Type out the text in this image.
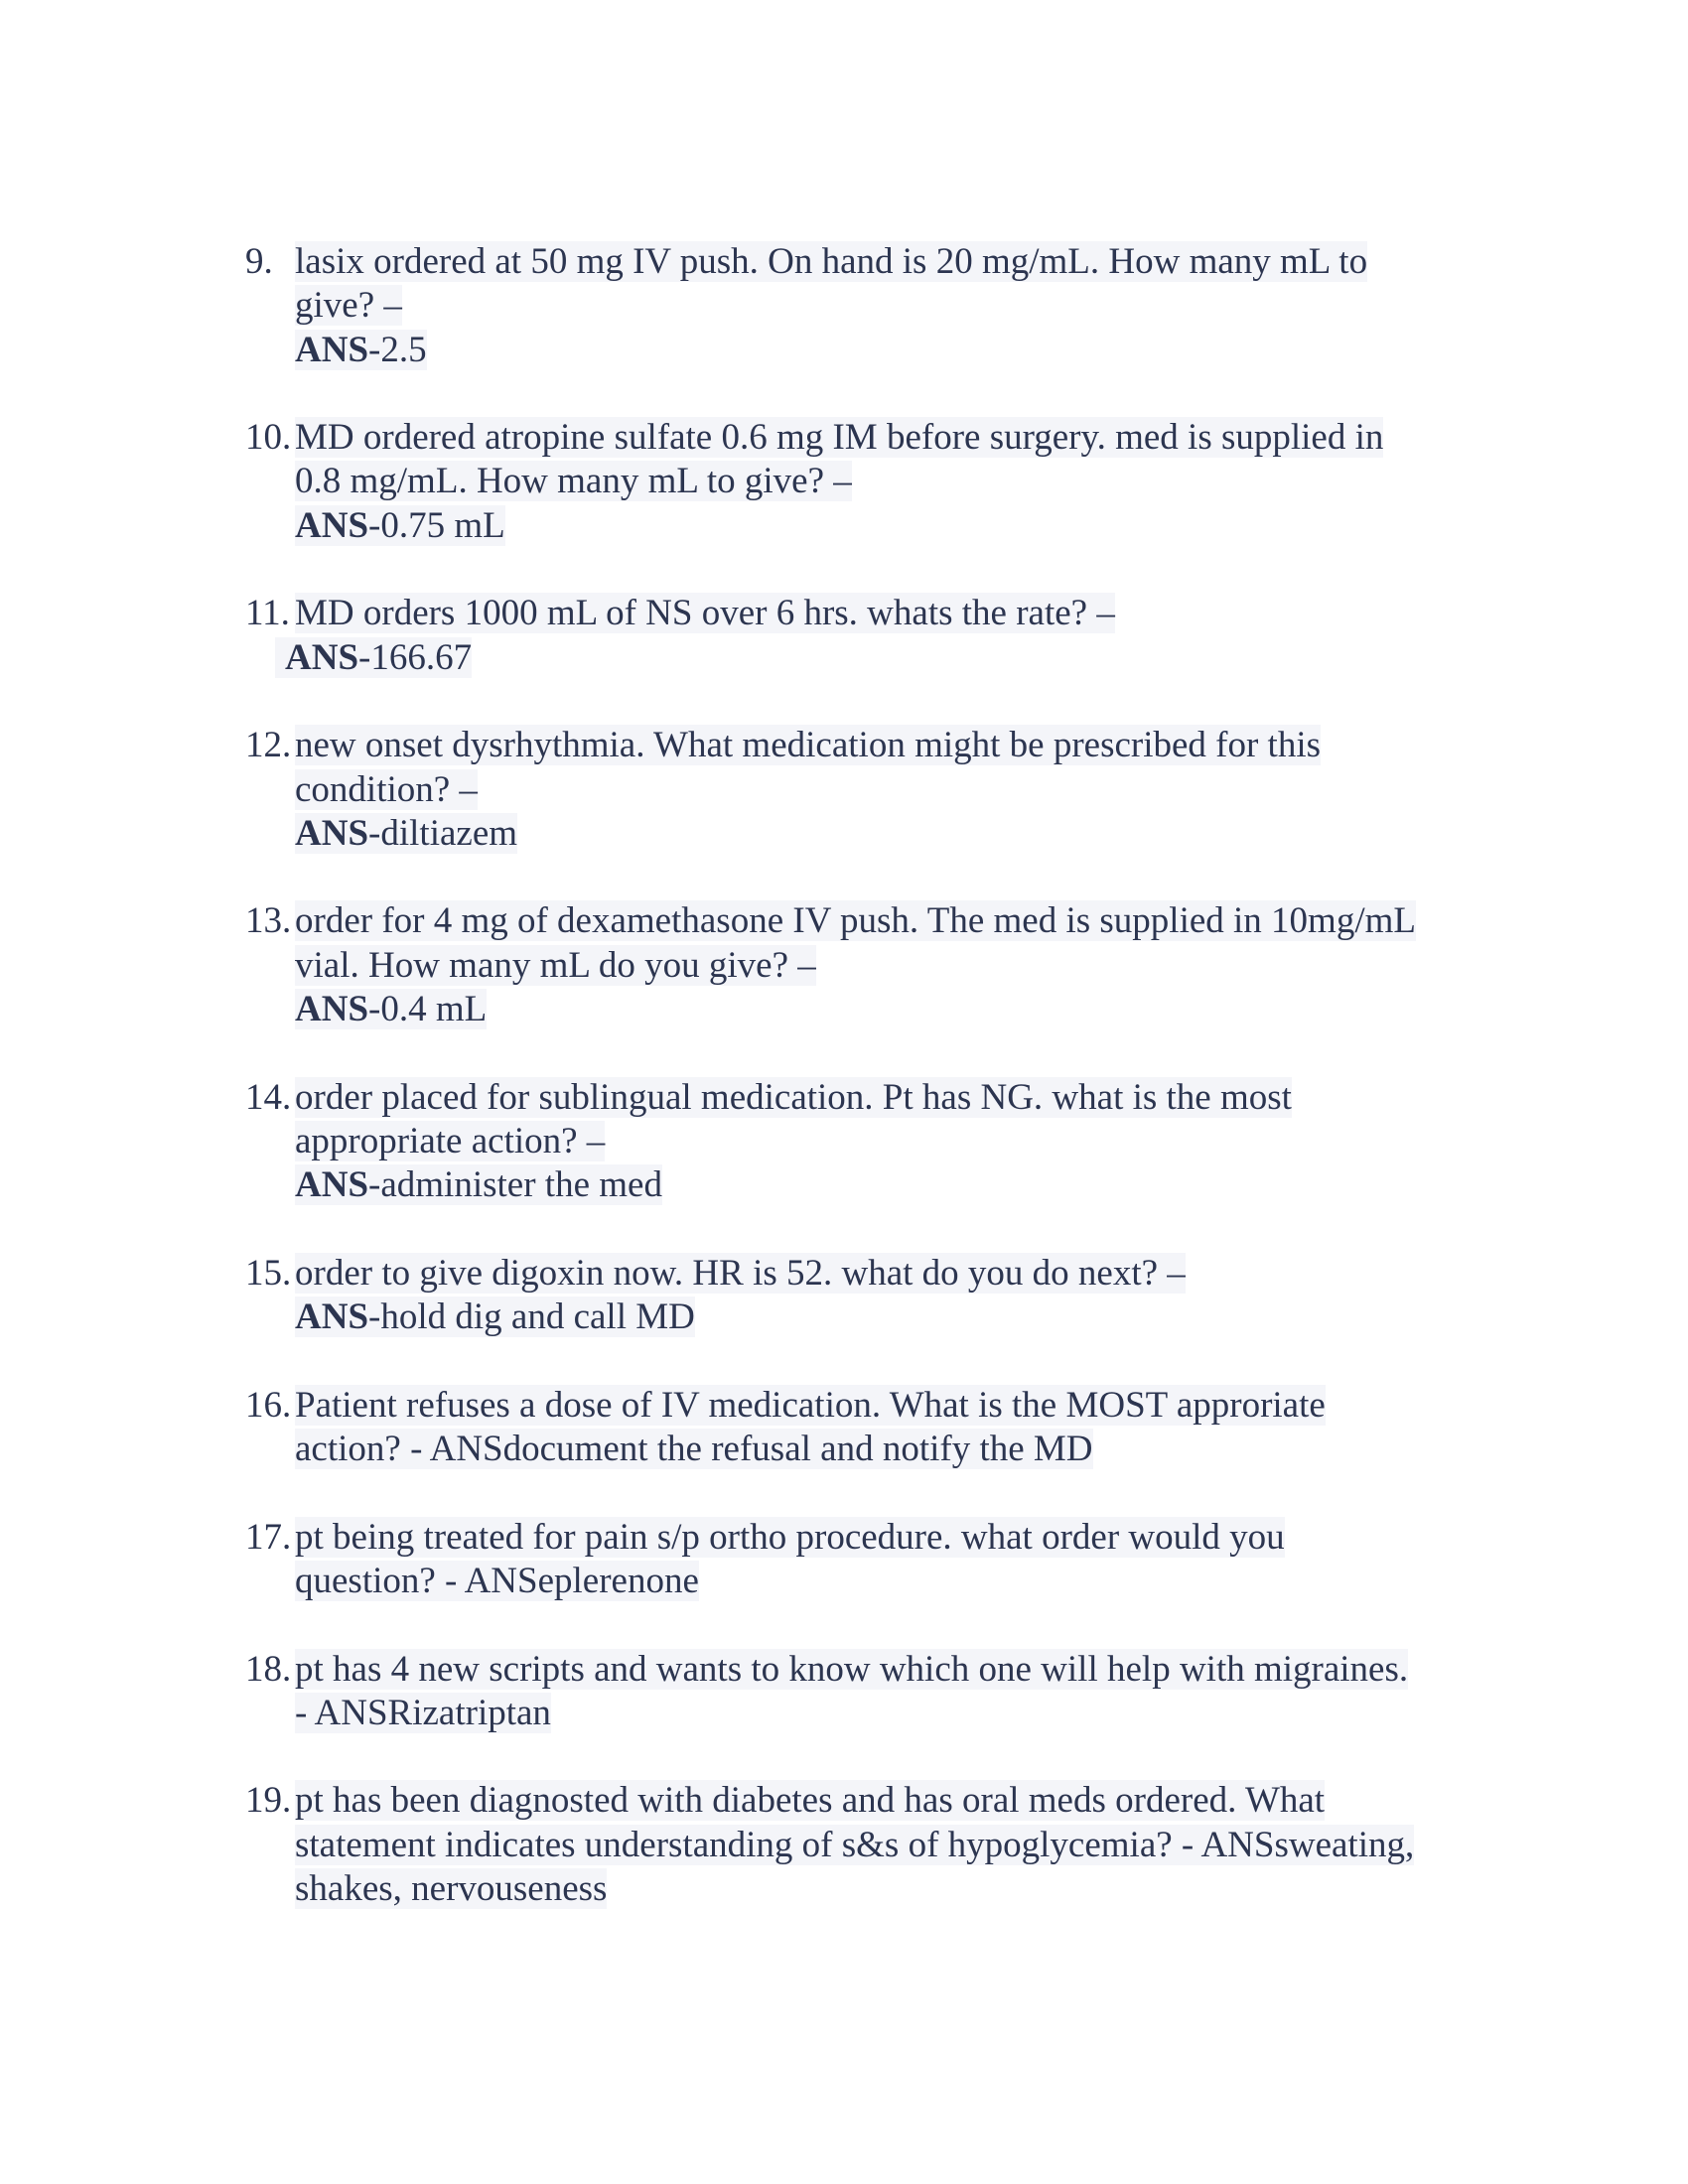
9. lasix ordered at 50 mg IV push. On hand is 20 mg/mL. How many mL to
give? –
ANS-2.5
10. MD ordered atropine sulfate 0.6 mg IM before surgery. med is supplied in
0.8 mg/mL. How many mL to give? –
ANS-0.75 mL
11. MD orders 1000 mL of NS over 6 hrs. whats the rate? –
ANS-166.67
12. new onset dysrhythmia. What medication might be prescribed for this
condition? –
ANS-diltiazem
13. order for 4 mg of dexamethasone IV push. The med is supplied in 10mg/mL
vial. How many mL do you give? –
ANS-0.4 mL
14. order placed for sublingual medication. Pt has NG. what is the most
appropriate action? –
ANS-administer the med
15. order to give digoxin now. HR is 52. what do you do next? –
ANS-hold dig and call MD
16. Patient refuses a dose of IV medication. What is the MOST approriate
action? - ANSdocument the refusal and notify the MD
17. pt being treated for pain s/p ortho procedure. what order would you
question? - ANSeplerenone
18. pt has 4 new scripts and wants to know which one will help with migraines.
- ANSRizatriptan
19. pt has been diagnosted with diabetes and has oral meds ordered. What
statement indicates understanding of s&s of hypoglycemia? - ANSsweating,
shakes, nervouseness
